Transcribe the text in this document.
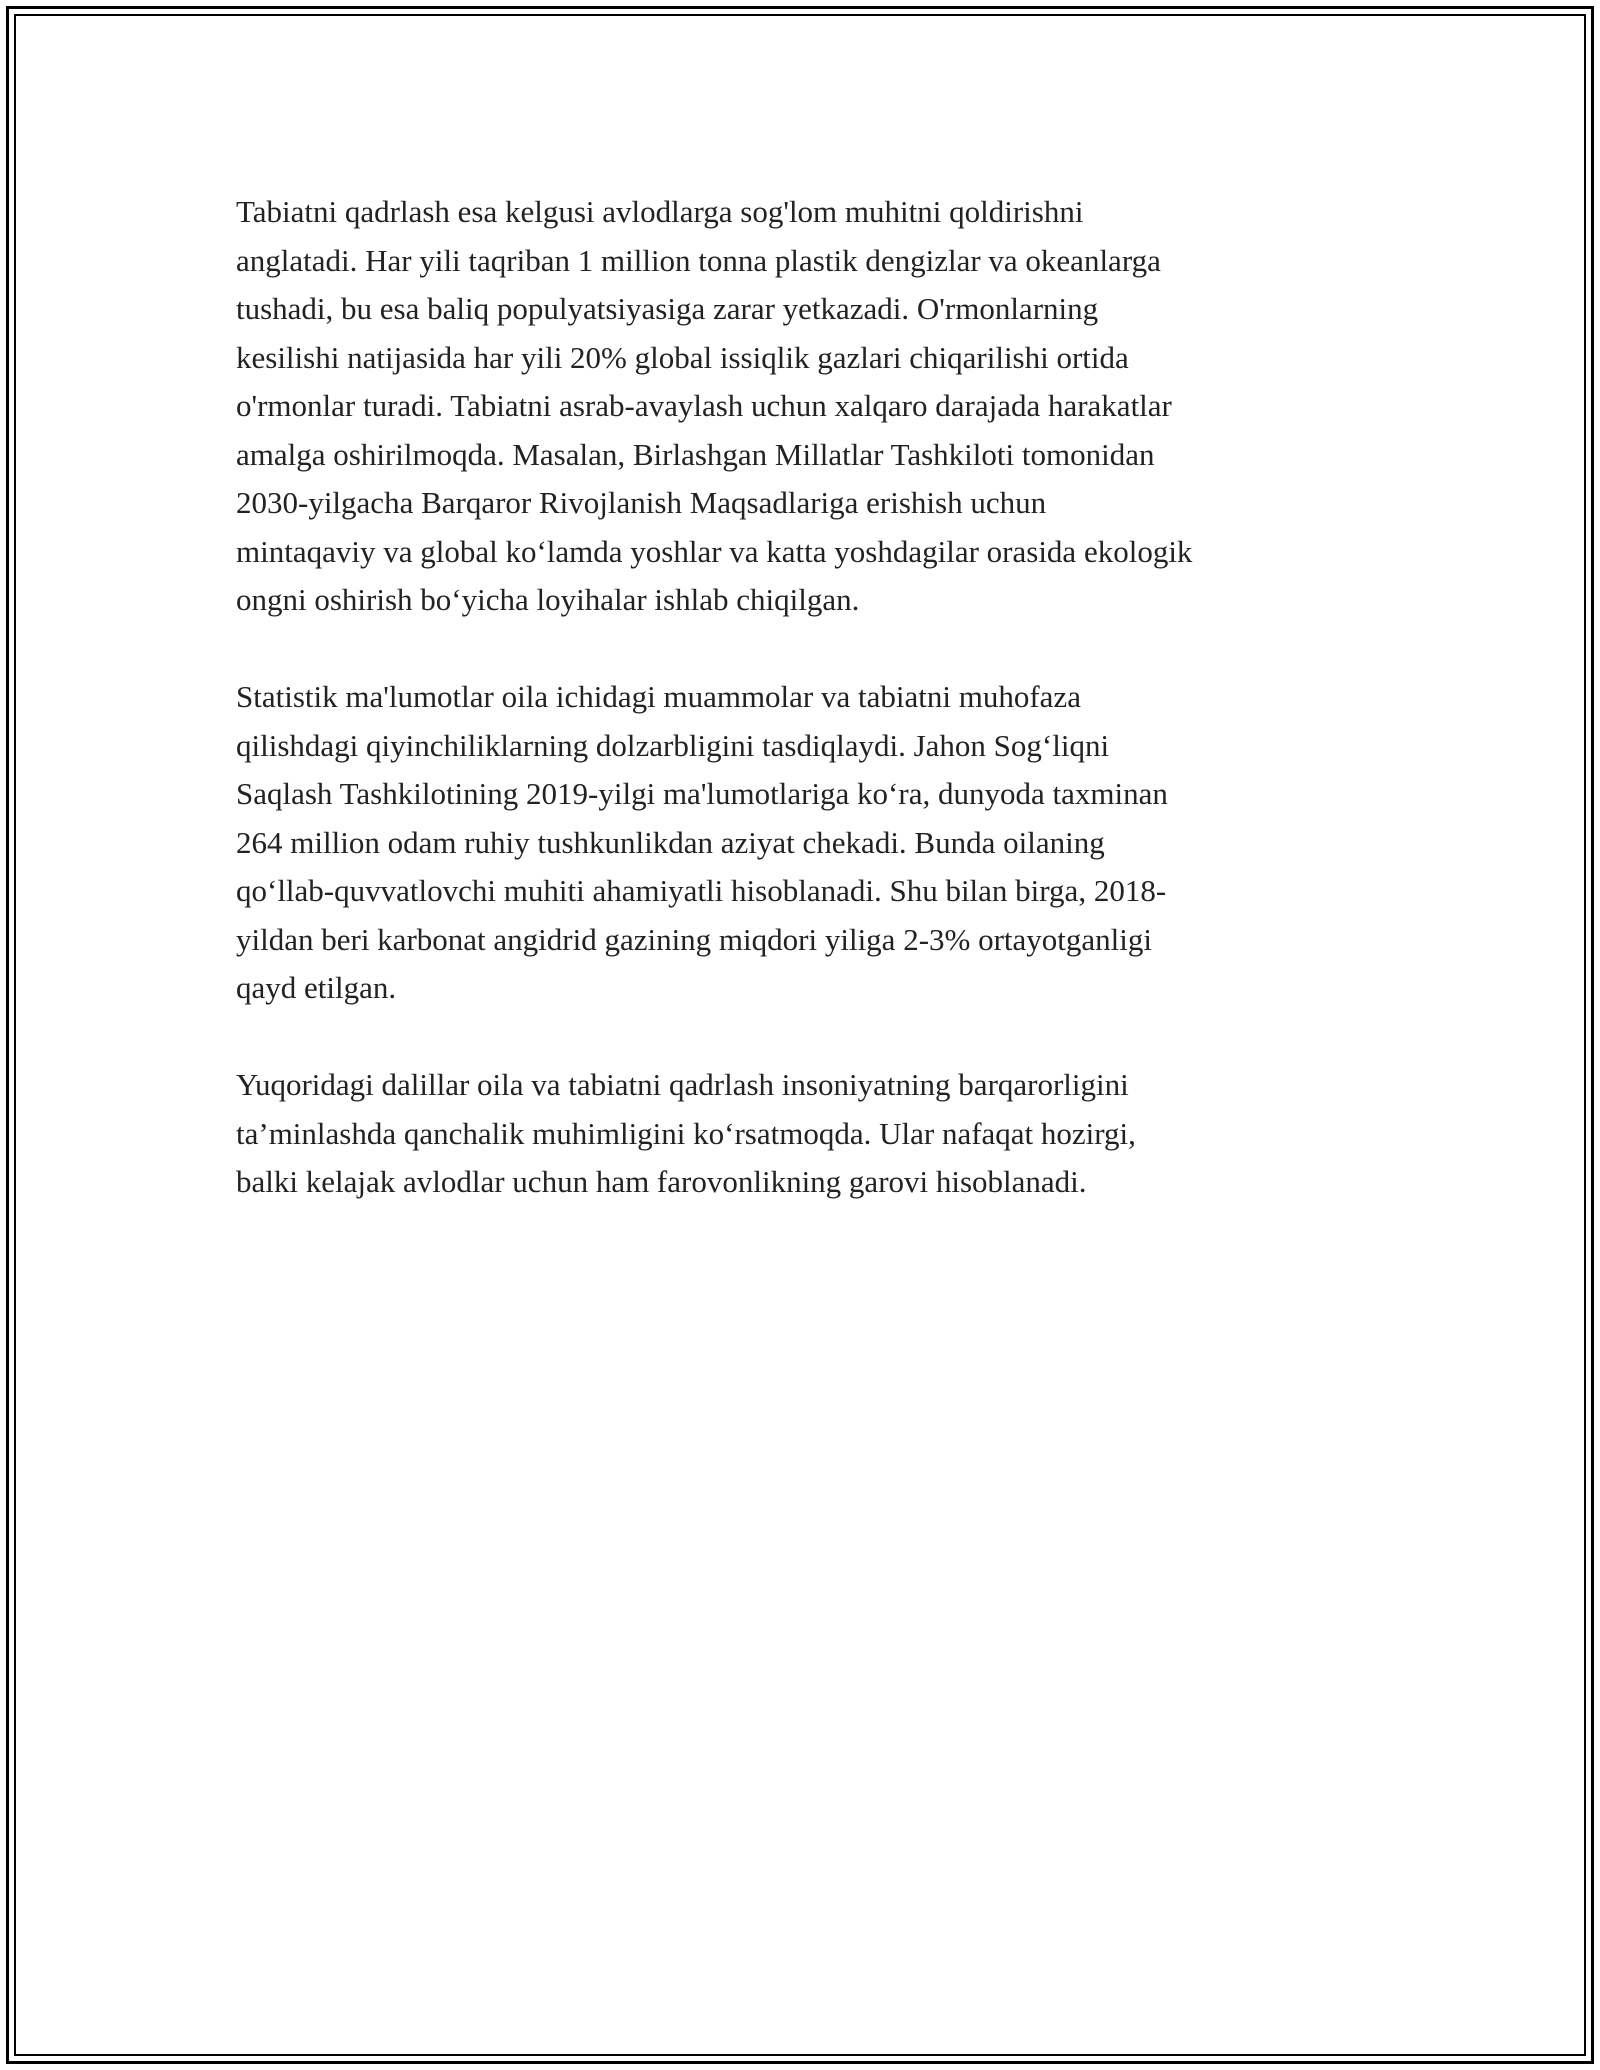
Tabiatni qadrlash esa kelgusi avlodlarga sog'lom muhitni qoldirishni
anglatadi. Har yili taqriban 1 million tonna plastik dengizlar va okeanlarga
tushadi, bu esa baliq populyatsiyasiga zarar yetkazadi. O'rmonlarning
kesilishi natijasida har yili 20% global issiqlik gazlari chiqarilishi ortida
o'rmonlar turadi. Tabiatni asrab-avaylash uchun xalqaro darajada harakatlar
amalga oshirilmoqda. Masalan, Birlashgan Millatlar Tashkiloti tomonidan
2030-yilgacha Barqaror Rivojlanish Maqsadlariga erishish uchun
mintaqaviy va global ko‘lamda yoshlar va katta yoshdagilar orasida ekologik
ongni oshirish bo‘yicha loyihalar ishlab chiqilgan.

Statistik ma'lumotlar oila ichidagi muammolar va tabiatni muhofaza
qilishdagi qiyinchiliklarning dolzarbligini tasdiqlaydi. Jahon Sog‘liqni
Saqlash Tashkilotining 2019-yilgi ma'lumotlariga ko‘ra, dunyoda taxminan
264 million odam ruhiy tushkunlikdan aziyat chekadi. Bunda oilaning
qo‘llab-quvvatlovchi muhiti ahamiyatli hisoblanadi. Shu bilan birga, 2018-
yildan beri karbonat angidrid gazining miqdori yiliga 2-3% ortayotganligi
qayd etilgan.

Yuqoridagi dalillar oila va tabiatni qadrlash insoniyatning barqarorligini
ta’minlashda qanchalik muhimligini ko‘rsatmoqda. Ular nafaqat hozirgi,
balki kelajak avlodlar uchun ham farovonlikning garovi hisoblanadi.
